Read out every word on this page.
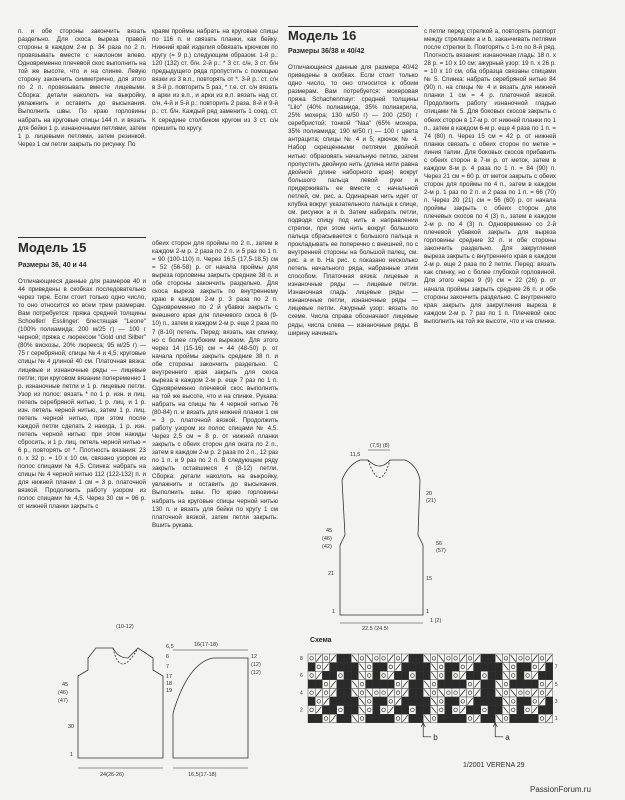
п. и обе стороны закончить вязать раздельно. Для скоса выреза правой стороны в каждом 2-м р. 34 раза по 2 п. провязывать вместе с наклоном влево. Одновременно плечевой скос выполнить на той же высоте, что и на спинке. Левую сторону закончить симметрично, для этого по 2 п. провязывать вместе лицевыми. Сборка: детали наколоть на выкройку, увлажнить и оставить до высыхания. Выполнить швы. По краю горловины набрать на круговые спицы 144 п. и вязать для бейки 1 р. изнаночными петлями, затем 1 р. лицевыми петлями, затем резинкой. Через 1 см петли закрыть по рисунку. По

краям проймы набрать на круговые спицы по 116 п. и связать планки, как бейку. Нижний край изделия обвязать крючком по кругу (= 9 р.) следующим образом: 1-й р.: 120 (132) ст. б/н. 2-й р.: * 3 ст. с/н, 3 ст. б/н предыдущего ряда пропустить с помощью вязки из 3 в.п., повторять от *. 3-й р.: ст. с/н в 3-й р. повторить 5 раз, * т.е. ст. с/н вязать в арки из в.п., и арки из в.п. вязать над ст. с/н, 4-й и 5-й р.: повторить 2 раза. 8-й и 9-й р.: ст. б/н. Каждый ряд заменить 1 соед. ст. К середине столбиком кругом из 3 ст. с/н пришить по кругу.

Модель 15
Размеры 36, 40 и 44

Отличающиеся данные для размеров 40 и 44 приведены в скобках последовательно через тире. Если стоит только одно число, то оно относится ко всем трем размерам. Вам потребуется: пряжа средней толщины Schoeller/ Esslinger: блестящая "Leone" (100% полиамида; 200 м/25 г) — 100 г черной; пряжа с люрексом "Gold und Silber" (80% вискозы, 20% люрекса; 95 м/25 г) — 75 г серебряной; спицы № 4 и 4,5; круговые спицы № 4 длиной 40 см. Платочная вязка: лицевые и изнаночные ряды — лицевые петли; при круговом вязании попеременно 1 р. изнаночные петли и 1 р. лицевые петли. Узор из полос: вязать * по 1 р. изн. и лиц. петель серебряной нитью, 1 р. лиц. и 1 р. изн. петель черной нитью, затем 1 р. лиц. петель черной нитью, при этом после каждой петли сделать 2 накида, 1 р. изн. петель черной нитью: при этом накиды сбросить, и 1 р. лиц. петель черной нитью = 6 р., повторять от *. Плотность вязания: 23 п. x 32 р. = 10 x 10 см, связано узором из полос спицами № 4,5. Спинка: набрать на спицы № 4 черной нитью 112 (122-132) п. и для нижней планки 1 см = 3 р. платочной вязкой. Продолжить работу узором из полос спицами № 4,5. Через 30 см = 96 р. от нижней планки закрыть с

обеих сторон для проймы по 2 п., затем в каждом 2-м р. 2 раза по 2 п. и 5 раз по 1 п. = 90 (100-110) п. Через 16,5 (17,5-18,5) см = 52 (56-58) р. от начала проймы для выреза горловины закрыть средние 38 п. и обе стороны закончить раздельно. Для скоса выреза закрыть по внутреннему краю в каждом 2-м р. 3 раза по 2 п. Одновременно по 2 й убавки закрыть с внешнего края для плечевого скоса 6 (9-10) п., затем в каждом 2-м р. еще 2 раза по 7 (8-10) петель. Перед: вязать, как спинку, но с более глубоким вырезом. Для этого через 14 (15-16) см = 44 (48-50) р. от начала проймы закрыть средние 38 п. и обе стороны закончить раздельно. С внутреннего края закрыть для скоса выреза в каждом 2-м р. еще 7 раз по 1 п. Одновременно плечевой скос выполнить на той же высоте, что и на спинке. Рукава: набрать на спицы № 4 черной нитью 76 (80-84) п. и вязать для нижней планки 1 см = 3 р. платочной вязкой. Продолжить работу узором из полос спицами № 4,5. Через 2,5 см = 8 р. от нижней планки закрыть с обеих сторон для оката по 2 п., затем в каждом 2-м р. 2 раза по 2 п., 12 раз по 1 п. и 9 раз по 2 п. В следующем ряду закрыть оставшиеся 4 (8-12) петли. Сборка: детали наколоть на выкройку, увлажнить и оставить до высыхания. Выполнить швы. По краю горловины набрать на круговые спицы черной нитью 130 п. и вязать для бейки по кругу 1 см платочной вязкой, затем петли закрыть. Вшить рукава.

Модель 16
Размеры 36/38 и 40/42

Отличающиеся данные для размера 40/42 приведены в скобках. Если стоит только одно число, то оно относится к обоим размерам. Вам потребуется: мохеровая пряжа Schachenmayr: средней толщины "Lilo" (40% полиамида, 35% полиакрила, 25% мохера; 130 м/50 г) — 200 (250) г серебристой; тонкой "Naa" (65% мохера, 35% полиамида; 190 м/50 г) — 100 г цвета антрацита; спицы № 4 и 5; крючок № 4. Набор скрещенными петлями двойной нитью: образовать начальную петлю, затем пропустить двойную нить (длина нити равна двойной длине наборного края) вокруг большого пальца левой руки и придерживать ее вместе с начальной петлей, см. рис. a. Одинарная нить идет от клубка вокруг указательного пальца к спице, см. рисунки a и b. Затем набирать петли, подводя спицу под нить в направлении стрелки, при этом нить вокруг большого пальца сбрасывается с большого пальца и прокладывать ее поперечно с внешней, по с внутренней стороны на большой палец, см. рис. a и b. На рис. c показано несколько петель начального ряда, набранные этим способом. Платочная вязка: лицевые и изнаночные ряды — лицевые петли. Изнаночная гладь: лицевые ряды — изнаночные петли, изнаночные ряды — лицевые петли. Ажурный узор: вязать по схеме. Числа справа обозначают лицевые ряды, числа слева — изнаночные ряды. В ширину начинать

с петли перед стрелкой a, повторять раппорт между стрелками a и b, заканчивать петлями после стрелки b. Повторять с 1-го по 8-й ряд. Плотность вязания: изнаночная гладь: 18 п. x 28 р. = 10 x 10 см; ажурный узор: 19 п. x 26 р. = 10 x 10 см, оба образца связаны спицами № 5. Спинка: набрать серебряной нитью 84 (90) п. на спицы № 4 и вязать для нижней планки 1 см = 4 р. платочной вязкой. Продолжить работу изнаночной гладью спицами № 5. Для боковых скосов закрыть с обеих сторон в 17-м р. от нижней планки по 1 п., затем в каждом 6-м р. еще 4 раза по 1 п. = 74 (80) п. Через 15 см = 42 р. от нижней планки связать с обеих сторон по метке = линия талии. Для боковых скосов прибавить с обеих сторон в 7-м р. от меток, затем в каждом 8-м р. 4 раза по 1 п. = 84 (90) п. Через 21 см = 60 р. от меток закрыть с обеих сторон для проймы по 4 п., затем в каждом 2-м р. 1 раз по 2 п. и 2 раза по 1 п. = 66 (70) п. Через 20 (21) см = 56 (60) р. от начала проймы закрыть с обеих сторон для плечевых скосов по 4 (3) п., затем в каждом 2-м р. по 4 (3) п. Одновременно со 2-й плечевой убавкой закрыть для выреза горловины средние 32 п. и обе стороны закончить раздельно. Для закругления выреза закрыть с внутреннего края в каждом 2-м р. еще 2 раза по 2 петли. Перед: вязать как спинку, но с более глубокой горловиной. Для этого через 9 (9) см = 22 (26) р. от начала проймы закрыть средние 26 п. и обе стороны закончить раздельно. С внутреннего края закрыть для закругления выреза в каждом 2-м р. 7 раз по 1 п. Плечевой скос выполнить на той же высоте, что и на спинке.

(10-12)
6,5
6
7
17
18
19
45
(46)
(47)
30
1
24(26-26)
16(17-18)
12
(12)
(12)
16,5(17-18)
(7,5) (8)
11,5
45
(46)
(42)
21
1
20
(21)
56
(57)
15
1
22,5 (24,5)
1 (2)
Схема
1
2
3
4
5
6
7
8
b	a
1/2001 VERENA 29
PassionForum.ru
